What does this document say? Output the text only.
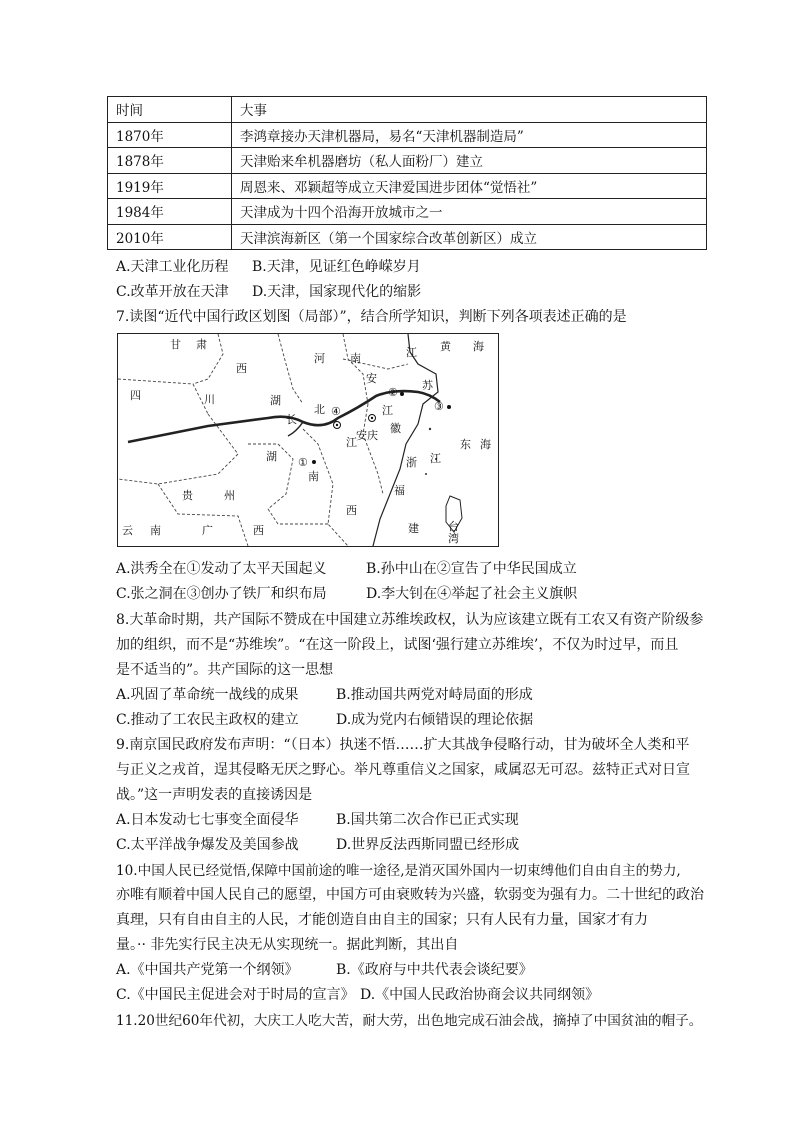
时间	大事
1870年	李鸿章接办天津机器局，易名“天津机器制造局”
1878年	天津贻来牟机器磨坊（私人面粉厂）建立
1919年	周恩来、邓颖超等成立天津爱国进步团体“觉悟社”
1984年	天津成为十四个沿海开放城市之一
2010年	天津滨海新区（第一个国家综合改革创新区）成立
A.天津工业化历程 B.天津，见证红色峥嵘岁月
C.改革开放在天津 D.天津，国家现代化的缩影
7.读图“近代中国行政区划图（局部）”，结合所学知识，判断下列各项表述正确的是
甘 肃
河 南	江
苏
黄 海
西
安
四	川	湖
北
长
江
徽
安庆
浙 江
东 海
湖
南
江
西
福
建
贵	州
云 南	广	西	台
湾
①
②
③
④
A.洪秀全在①发动了太平天国起义	B.孙中山在②宣告了中华民国成立
C.张之洞在③创办了铁厂和织布局	D.李大钊在④举起了社会主义旗帜
8.大革命时期，共产国际不赞成在中国建立苏维埃政权，认为应该建立既有工农又有资产阶级参
加的组织，而不是“苏维埃”。“在这一阶段上，试图‘强行建立苏维埃’，不仅为时过早，而且
是不适当的”。共产国际的这一思想
A.巩固了革命统一战线的成果	B.推动国共两党对峙局面的形成
C.推动了工农民主政权的建立	D.成为党内右倾错误的理论依据
9.南京国民政府发布声明：“（日本）执迷不悟……扩大其战争侵略行动，甘为破坏全人类和平
与正义之戎首，逞其侵略无厌之野心。举凡尊重信义之国家，咸属忍无可忍。兹特正式对日宣
战。”这一声明发表的直接诱因是
A.日本发动七七事变全面侵华	B.国共第二次合作已正式实现
C.太平洋战争爆发及美国参战	D.世界反法西斯同盟已经形成
10.中国人民已经觉悟,保障中国前途的唯一途径,是消灭国外国内一切束缚他们自由自主的势力,
亦唯有顺着中国人民自己的愿望，中国方可由衰败转为兴盛，软弱变为强有力。二十世纪的政治
真理，只有自由自主的人民，才能创造自由自主的国家；只有人民有力量，国家才有力
量。·· 非先实行民主决无从实现统一。据此判断，其出自
A.《中国共产党第一个纲领》	B.《政府与中共代表会谈纪要》
C.《中国民主促进会对于时局的宣言》 D.《中国人民政治协商会议共同纲领》
11.20世纪60年代初，大庆工人吃大苦，耐大劳，出色地完成石油会战，摘掉了中国贫油的帽子。
